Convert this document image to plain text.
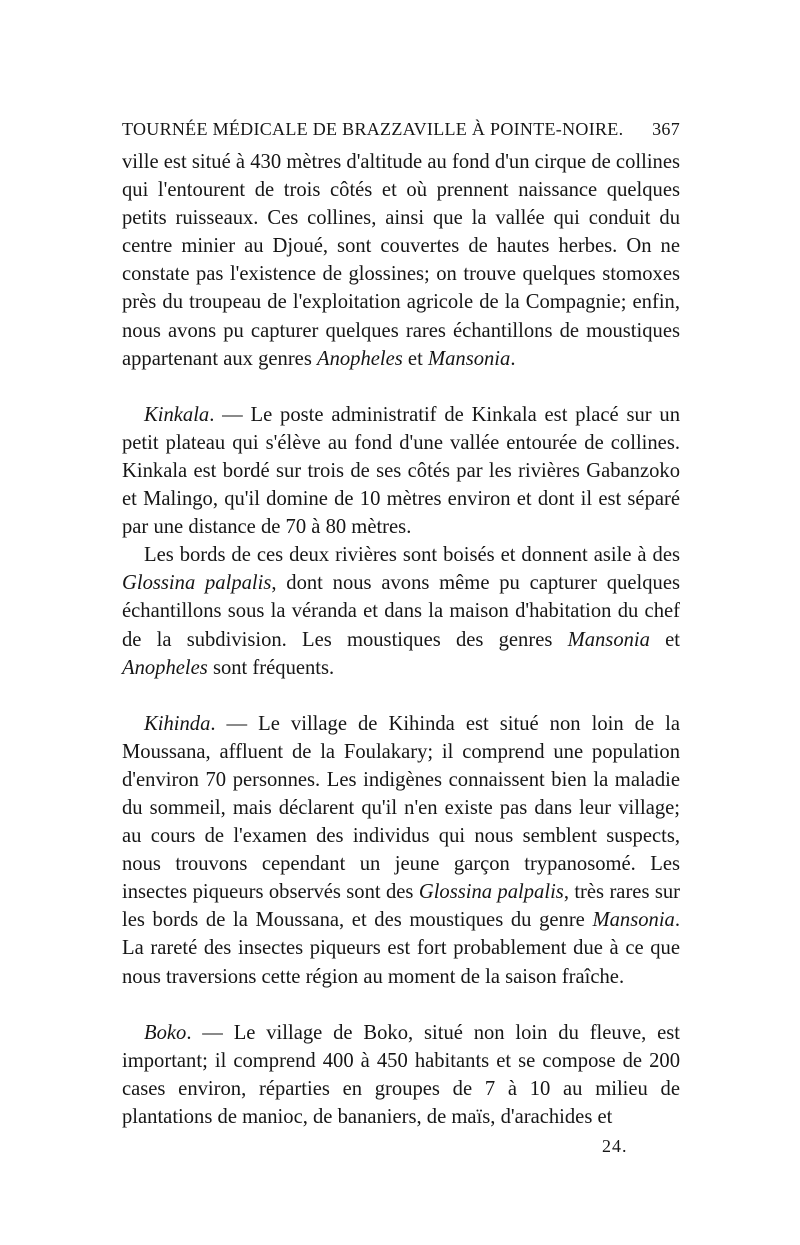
TOURNÉE MÉDICALE DE BRAZZAVILLE À POINTE-NOIRE. 367

ville est situé à 430 mètres d'altitude au fond d'un cirque de collines qui l'entourent de trois côtés et où prennent naissance quelques petits ruisseaux. Ces collines, ainsi que la vallée qui conduit du centre minier au Djoué, sont couvertes de hautes herbes. On ne constate pas l'existence de glossines; on trouve quelques stomoxes près du troupeau de l'exploitation agricole de la Compagnie; enfin, nous avons pu capturer quelques rares échantillons de moustiques appartenant aux genres Anopheles et Mansonia.

Kinkala. — Le poste administratif de Kinkala est placé sur un petit plateau qui s'élève au fond d'une vallée entourée de collines. Kinkala est bordé sur trois de ses côtés par les rivières Gabanzoko et Malingo, qu'il domine de 10 mètres environ et dont il est séparé par une distance de 70 à 80 mètres.

Les bords de ces deux rivières sont boisés et donnent asile à des Glossina palpalis, dont nous avons même pu capturer quelques échantillons sous la véranda et dans la maison d'habitation du chef de la subdivision. Les moustiques des genres Mansonia et Anopheles sont fréquents.

Kihinda. — Le village de Kihinda est situé non loin de la Moussana, affluent de la Foulakary; il comprend une population d'environ 70 personnes. Les indigènes connaissent bien la maladie du sommeil, mais déclarent qu'il n'en existe pas dans leur village; au cours de l'examen des individus qui nous semblent suspects, nous trouvons cependant un jeune garçon trypanosomé. Les insectes piqueurs observés sont des Glossina palpalis, très rares sur les bords de la Moussana, et des moustiques du genre Mansonia. La rareté des insectes piqueurs est fort probablement due à ce que nous traversions cette région au moment de la saison fraîche.

Boko. — Le village de Boko, situé non loin du fleuve, est important; il comprend 400 à 450 habitants et se compose de 200 cases environ, réparties en groupes de 7 à 10 au milieu de plantations de manioc, de bananiers, de maïs, d'arachides et

24.
